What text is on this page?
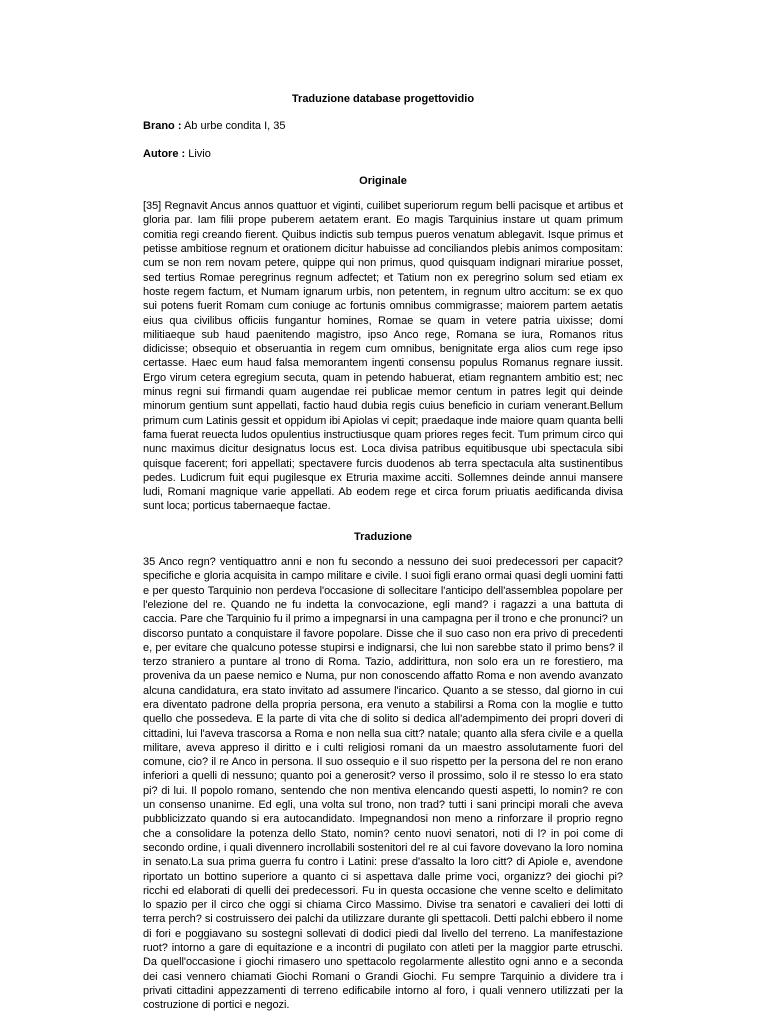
Traduzione database progettovidio
Brano : Ab urbe condita I, 35
Autore : Livio
Originale

[35] Regnavit Ancus annos quattuor et viginti, cuilibet superiorum regum belli pacisque et artibus et gloria par. Iam filii prope puberem aetatem erant. Eo magis Tarquinius instare ut quam primum comitia regi creando fierent. Quibus indictis sub tempus pueros venatum ablegavit. Isque primus et petisse ambitiose regnum et orationem dicitur habuisse ad conciliandos plebis animos compositam: cum se non rem novam petere, quippe qui non primus, quod quisquam indignari mirariue posset, sed tertius Romae peregrinus regnum adfectet; et Tatium non ex peregrino solum sed etiam ex hoste regem factum, et Numam ignarum urbis, non petentem, in regnum ultro accitum: se ex quo sui potens fuerit Romam cum coniuge ac fortunis omnibus commigrasse; maiorem partem aetatis eius qua civilibus officiis fungantur homines, Romae se quam in vetere patria uixisse; domi militiaeque sub haud paenitendo magistro, ipso Anco rege, Romana se iura, Romanos ritus didicisse; obsequio et obseruantia in regem cum omnibus, benignitate erga alios cum rege ipso certasse. Haec eum haud falsa memorantem ingenti consensu populus Romanus regnare iussit. Ergo virum cetera egregium secuta, quam in petendo habuerat, etiam regnantem ambitio est; nec minus regni sui firmandi quam augendae rei publicae memor centum in patres legit qui deinde minorum gentium sunt appellati, factio haud dubia regis cuius beneficio in curiam venerant.Bellum primum cum Latinis gessit et oppidum ibi Apiolas vi cepit; praedaque inde maiore quam quanta belli fama fuerat reuecta ludos opulentius instructiusque quam priores reges fecit. Tum primum circo qui nunc maximus dicitur designatus locus est. Loca divisa patribus equitibusque ubi spectacula sibi quisque facerent; fori appellati; spectavere furcis duodenos ab terra spectacula alta sustinentibus pedes. Ludicrum fuit equi pugilesque ex Etruria maxime acciti. Sollemnes deinde annui mansere ludi, Romani magnique varie appellati. Ab eodem rege et circa forum priuatis aedificanda divisa sunt loca; porticus tabernaeque factae.

Traduzione

35 Anco regn? ventiquattro anni e non fu secondo a nessuno dei suoi predecessori per capacit? specifiche e gloria acquisita in campo militare e civile. I suoi figli erano ormai quasi degli uomini fatti e per questo Tarquinio non perdeva l'occasione di sollecitare l'anticipo dell'assemblea popolare per l'elezione del re. Quando ne fu indetta la convocazione, egli mand? i ragazzi a una battuta di caccia. Pare che Tarquinio fu il primo a impegnarsi in una campagna per il trono e che pronunci? un discorso puntato a conquistare il favore popolare. Disse che il suo caso non era privo di precedenti e, per evitare che qualcuno potesse stupirsi e indignarsi, che lui non sarebbe stato il primo bens? il terzo straniero a puntare al trono di Roma. Tazio, addirittura, non solo era un re forestiero, ma proveniva da un paese nemico e Numa, pur non conoscendo affatto Roma e non avendo avanzato alcuna candidatura, era stato invitato ad assumere l'incarico. Quanto a se stesso, dal giorno in cui era diventato padrone della propria persona, era venuto a stabilirsi a Roma con la moglie e tutto quello che possedeva. E la parte di vita che di solito si dedica all'adempimento dei propri doveri di cittadini, lui l'aveva trascorsa a Roma e non nella sua citt? natale; quanto alla sfera civile e a quella militare, aveva appreso il diritto e i culti religiosi romani da un maestro assolutamente fuori del comune, cio? il re Anco in persona. Il suo ossequio e il suo rispetto per la persona del re non erano inferiori a quelli di nessuno; quanto poi a generosit? verso il prossimo, solo il re stesso lo era stato pi? di lui. Il popolo romano, sentendo che non mentiva elencando questi aspetti, lo nomin? re con un consenso unanime. Ed egli, una volta sul trono, non trad? tutti i sani principi morali che aveva pubblicizzato quando si era autocandidato. Impegnandosi non meno a rinforzare il proprio regno che a consolidare la potenza dello Stato, nomin? cento nuovi senatori, noti di l? in poi come di secondo ordine, i quali divennero incrollabili sostenitori del re al cui favore dovevano la loro nomina in senato.La sua prima guerra fu contro i Latini: prese d'assalto la loro citt? di Apiole e, avendone riportato un bottino superiore a quanto ci si aspettava dalle prime voci, organizz? dei giochi pi? ricchi ed elaborati di quelli dei predecessori. Fu in questa occasione che venne scelto e delimitato lo spazio per il circo che oggi si chiama Circo Massimo. Divise tra senatori e cavalieri dei lotti di terra perch? si costruissero dei palchi da utilizzare durante gli spettacoli. Detti palchi ebbero il nome di fori e poggiavano su sostegni sollevati di dodici piedi dal livello del terreno. La manifestazione ruot? intorno a gare di equitazione e a incontri di pugilato con atleti per la maggior parte etruschi. Da quell'occasione i giochi rimasero uno spettacolo regolarmente allestito ogni anno e a seconda dei casi vennero chiamati Giochi Romani o Grandi Giochi. Fu sempre Tarquinio a dividere tra i privati cittadini appezzamenti di terreno edificabile intorno al foro, i quali vennero utilizzati per la costruzione di portici e negozi.
